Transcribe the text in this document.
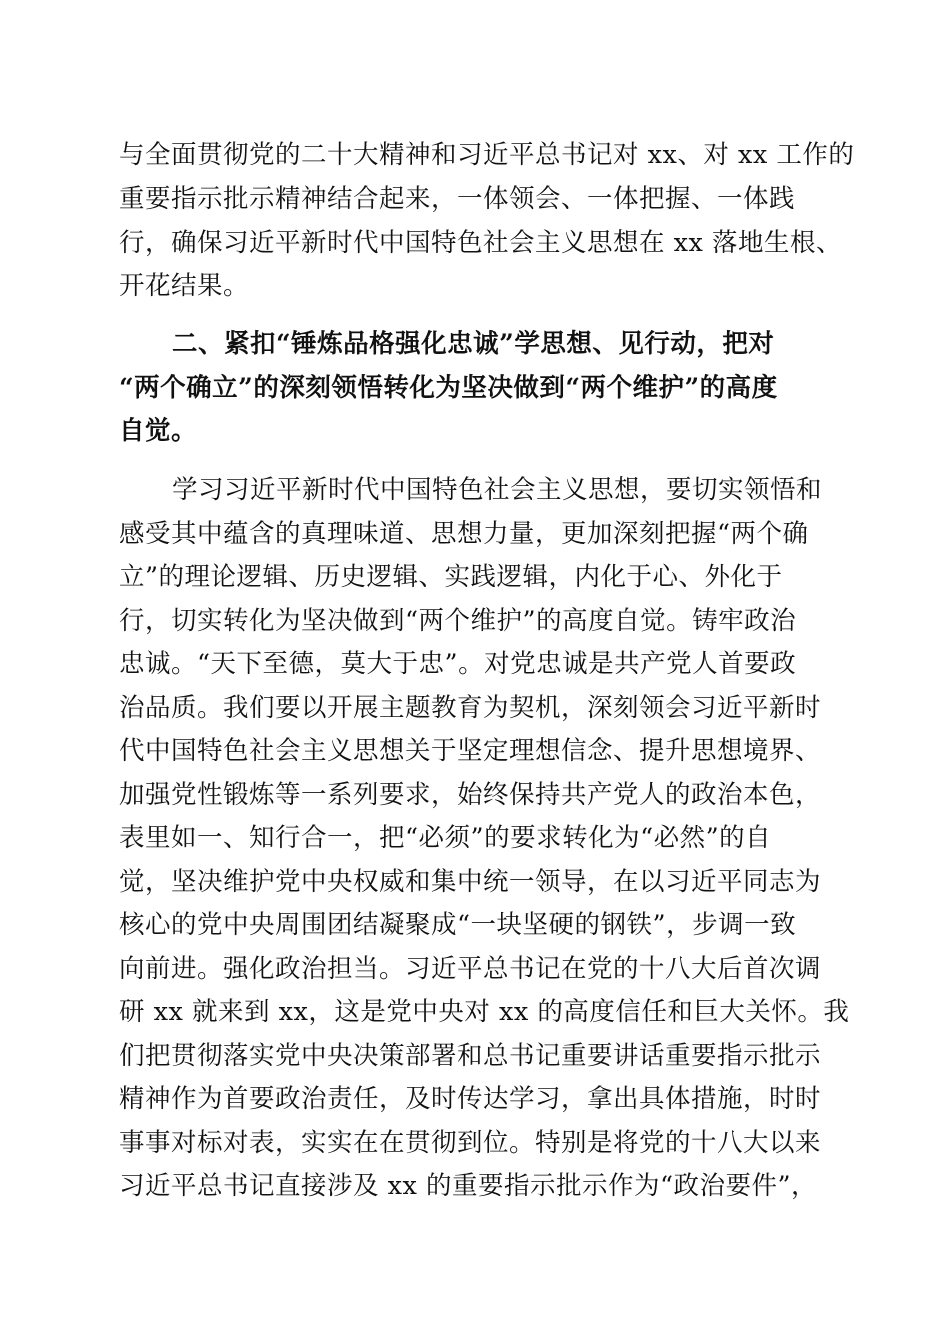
与全面贯彻党的二十大精神和习近平总书记对 xx、对 xx 工作的
重要指示批示精神结合起来，一体领会、一体把握、一体践
行，确保习近平新时代中国特色社会主义思想在 xx 落地生根、
开花结果。
二、紧扣“锤炼品格强化忠诚”学思想、见行动，把对
“两个确立”的深刻领悟转化为坚决做到“两个维护”的高度
自觉。
学习习近平新时代中国特色社会主义思想，要切实领悟和
感受其中蕴含的真理味道、思想力量，更加深刻把握“两个确
立”的理论逻辑、历史逻辑、实践逻辑，内化于心、外化于
行，切实转化为坚决做到“两个维护”的高度自觉。铸牢政治
忠诚。“天下至德，莫大于忠”。对党忠诚是共产党人首要政
治品质。我们要以开展主题教育为契机，深刻领会习近平新时
代中国特色社会主义思想关于坚定理想信念、提升思想境界、
加强党性锻炼等一系列要求，始终保持共产党人的政治本色，
表里如一、知行合一，把“必须”的要求转化为“必然”的自
觉，坚决维护党中央权威和集中统一领导，在以习近平同志为
核心的党中央周围团结凝聚成“一块坚硬的钢铁”，步调一致
向前进。强化政治担当。习近平总书记在党的十八大后首次调
研 xx 就来到 xx，这是党中央对 xx 的高度信任和巨大关怀。我
们把贯彻落实党中央决策部署和总书记重要讲话重要指示批示
精神作为首要政治责任，及时传达学习，拿出具体措施，时时
事事对标对表，实实在在贯彻到位。特别是将党的十八大以来
习近平总书记直接涉及 xx 的重要指示批示作为“政治要件”，
